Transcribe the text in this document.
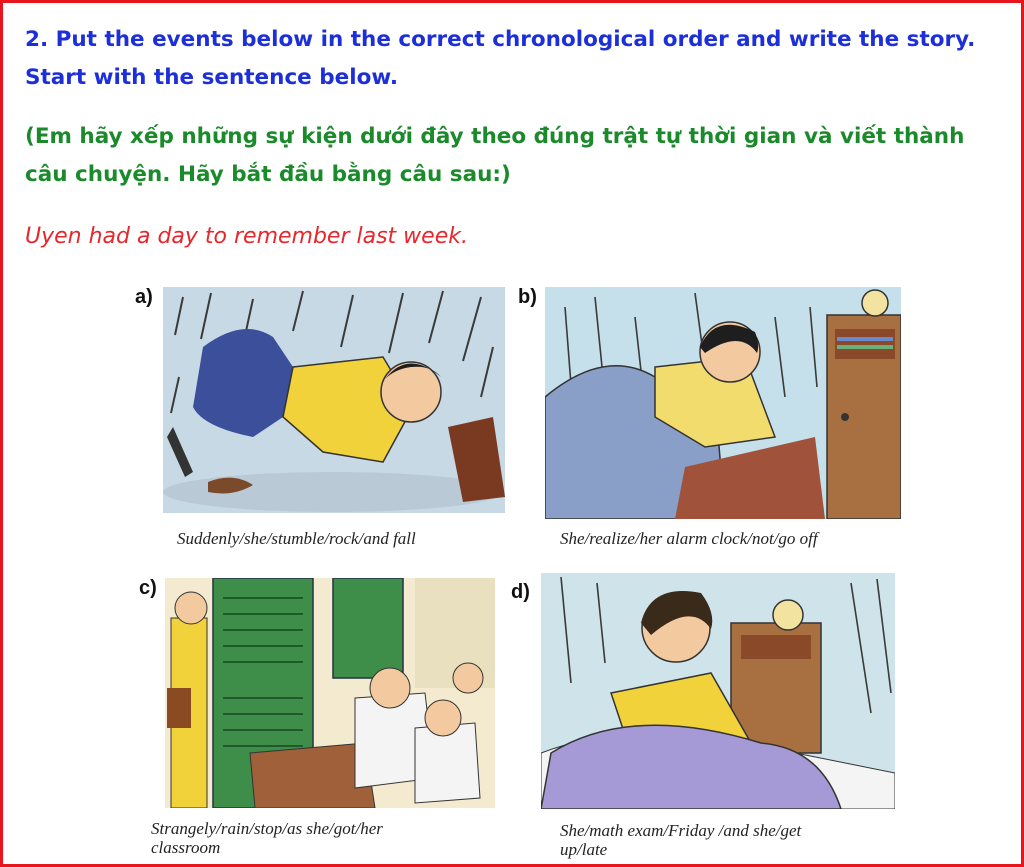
2. Put the events below in the correct chronological order and write the story.
Start with the sentence below.

(Em hãy xếp những sự kiện dưới đây theo đúng trật tự thời gian và viết thành
câu chuyện. Hãy bắt đầu bằng câu sau:)

Uyen had a day to remember last week.

a)
Suddenly/she/stumble/rock/and fall
b)
She/realize/her alarm clock/not/go off
c)
Strangely/rain/stop/as she/got/her
classroom
d)
She/math exam/Friday /and she/get
up/late
